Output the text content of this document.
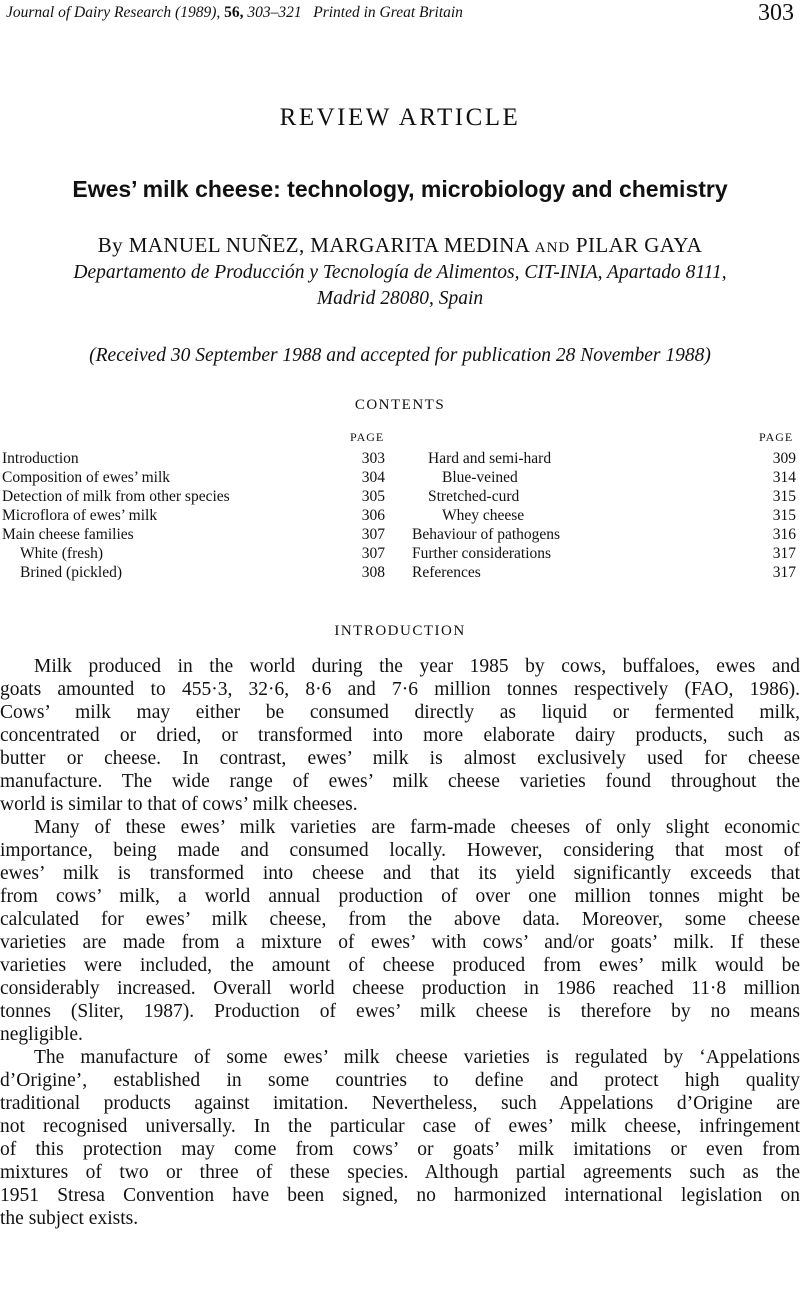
Journal of Dairy Research (1989), 56, 303–321 Printed in Great Britain	303
REVIEW ARTICLE
Ewes’ milk cheese: technology, microbiology and chemistry
By MANUEL NUÑEZ, MARGARITA MEDINA AND PILAR GAYA
Departamento de Producción y Tecnología de Alimentos, CIT-INIA, Apartado 8111,
Madrid 28080, Spain
(Received 30 September 1988 and accepted for publication 28 November 1988)
CONTENTS
PAGE	PAGE
Introduction	303
Composition of ewes’ milk	304
Detection of milk from other species	305
Microflora of ewes’ milk	306
Main cheese families	307
White (fresh)	307
Brined (pickled)	308
Hard and semi-hard	309
Blue-veined	314
Stretched-curd	315
Whey cheese	315
Behaviour of pathogens	316
Further considerations	317
References	317
INTRODUCTION
Milk produced in the world during the year 1985 by cows, buffaloes, ewes and
goats amounted to 455·3, 32·6, 8·6 and 7·6 million tonnes respectively (FAO, 1986).
Cows’ milk may either be consumed directly as liquid or fermented milk,
concentrated or dried, or transformed into more elaborate dairy products, such as
butter or cheese. In contrast, ewes’ milk is almost exclusively used for cheese
manufacture. The wide range of ewes’ milk cheese varieties found throughout the
world is similar to that of cows’ milk cheeses.
Many of these ewes’ milk varieties are farm-made cheeses of only slight economic
importance, being made and consumed locally. However, considering that most of
ewes’ milk is transformed into cheese and that its yield significantly exceeds that
from cows’ milk, a world annual production of over one million tonnes might be
calculated for ewes’ milk cheese, from the above data. Moreover, some cheese
varieties are made from a mixture of ewes’ with cows’ and/or goats’ milk. If these
varieties were included, the amount of cheese produced from ewes’ milk would be
considerably increased. Overall world cheese production in 1986 reached 11·8 million
tonnes (Sliter, 1987). Production of ewes’ milk cheese is therefore by no means
negligible.
The manufacture of some ewes’ milk cheese varieties is regulated by ‘Appelations
d’Origine’, established in some countries to define and protect high quality
traditional products against imitation. Nevertheless, such Appelations d’Origine are
not recognised universally. In the particular case of ewes’ milk cheese, infringement
of this protection may come from cows’ or goats’ milk imitations or even from
mixtures of two or three of these species. Although partial agreements such as the
1951 Stresa Convention have been signed, no harmonized international legislation on
the subject exists.
